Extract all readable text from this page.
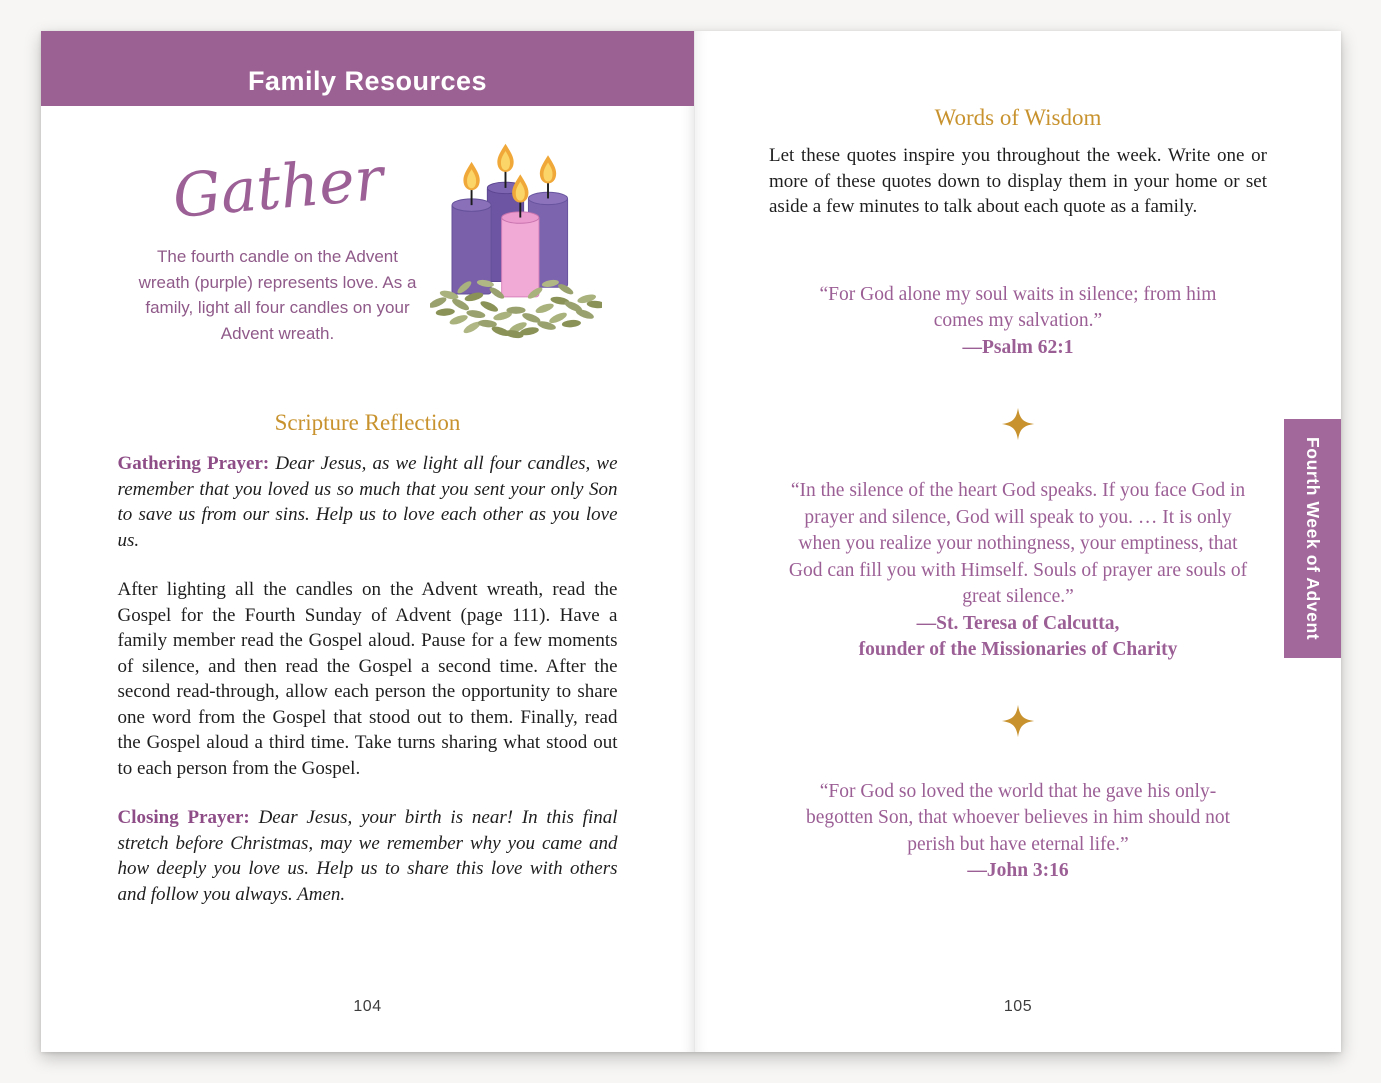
Family Resources
Gather
The fourth candle on the Advent wreath (purple) represents love. As a family, light all four candles on your Advent wreath.
Scripture Reflection

Gathering Prayer: Dear Jesus, as we light all four candles, we remember that you loved us so much that you sent your only Son to save us from our sins. Help us to love each other as you love us.

After lighting all the candles on the Advent wreath, read the Gospel for the Fourth Sunday of Advent (page 111). Have a family member read the Gospel aloud. Pause for a few moments of silence, and then read the Gospel a second time. After the second read-through, allow each person the opportunity to share one word from the Gospel that stood out to them. Finally, read the Gospel aloud a third time. Take turns sharing what stood out to each person from the Gospel.

Closing Prayer: Dear Jesus, your birth is near! In this final stretch before Christmas, may we remember why you came and how deeply you love us. Help us to share this love with others and follow you always. Amen.

104
Words of Wisdom

Let these quotes inspire you throughout the week. Write one or more of these quotes down to display them in your home or set aside a few minutes to talk about each quote as a family.

“For God alone my soul waits in silence; from him comes my salvation.”

—Psalm 62:1

“In the silence of the heart God speaks. If you face God in prayer and silence, God will speak to you. … It is only when you realize your nothingness, your emptiness, that God can fill you with Himself. Souls of prayer are souls of great silence.”

—St. Teresa of Calcutta,

founder of the Missionaries of Charity

“For God so loved the world that he gave his only-begotten Son, that whoever believes in him should not perish but have eternal life.”

—John 3:16

Fourth Week of Advent
105
